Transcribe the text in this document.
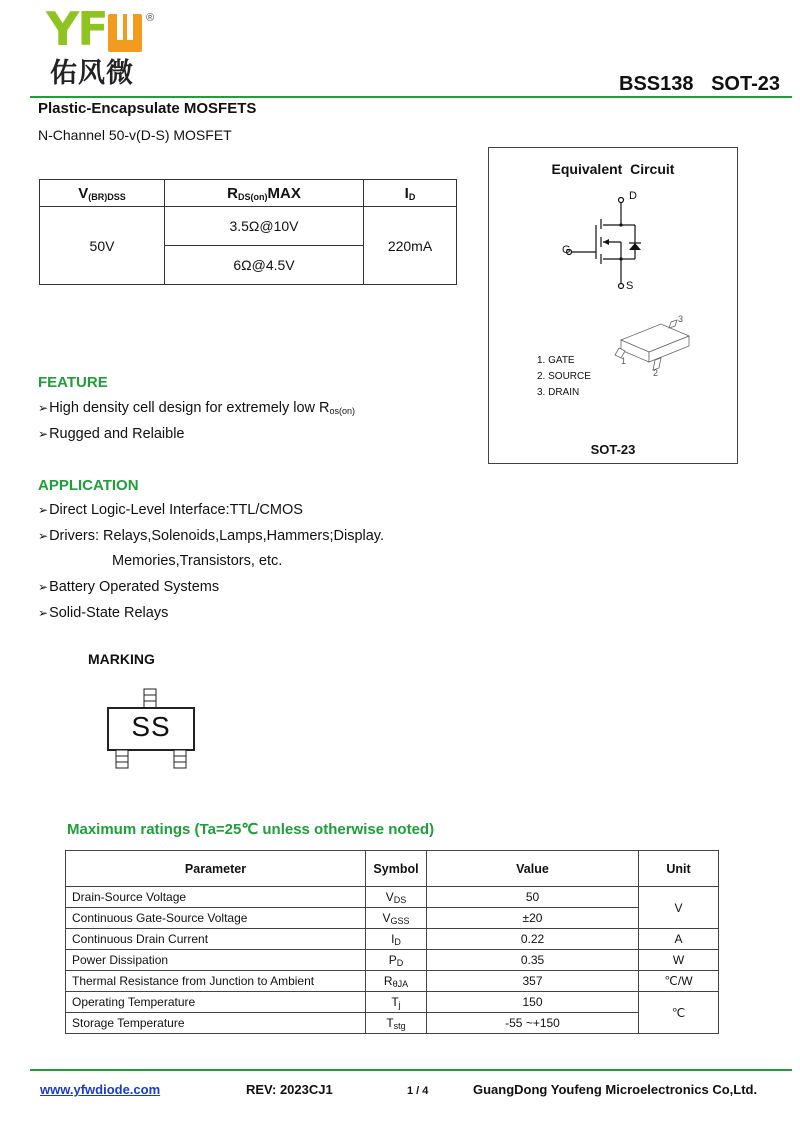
YF	®
佑风微	BSS138 SOT-23
Plastic-Encapsulate MOSFETS
N-Channel 50-v(D-S) MOSFET
$V_{(BR)DSS}$	$R_{DS(on)}MAX$	$I_D$
50V	3.5Ω@10V	220mA
	6Ω@4.5V	
Equivalent  Circuit
D
G
S
3
1
2
1. GATE
2. SOURCE
3. DRAIN
SOT-23
FEATURE
➢High density cell design for extremely low $R_{os(on)}$
➢Rugged and Relaible
APPLICATION
➢Direct Logic-Level Interface:TTL/CMOS
➢Drivers: Relays,Solenoids,Lamps,Hammers;Display.
Memories,Transistors, etc.
➢Battery Operated Systems
➢Solid-State Relays
MARKING
SS
Maximum ratings (Ta=25℃ unless otherwise noted)
Parameter	Symbol	Value	Unit
Drain-Source Voltage	$V_{DS}$	50	V
Continuous Gate-Source Voltage	$V_{GSS}$	±20	
Continuous Drain Current	$I_D$	0.22	A
Power Dissipation	$P_D$	0.35	W
Thermal Resistance from Junction to Ambient	$R_{\theta JA}$	357	℃/W
Operating Temperature	$T_j$	150	℃
Storage Temperature	$T_{stg}$	-55 ~+150	
www.yfwdiode.com	REV: 2023CJ1	1 / 4	GuangDong Youfeng Microelectronics Co,Ltd.
